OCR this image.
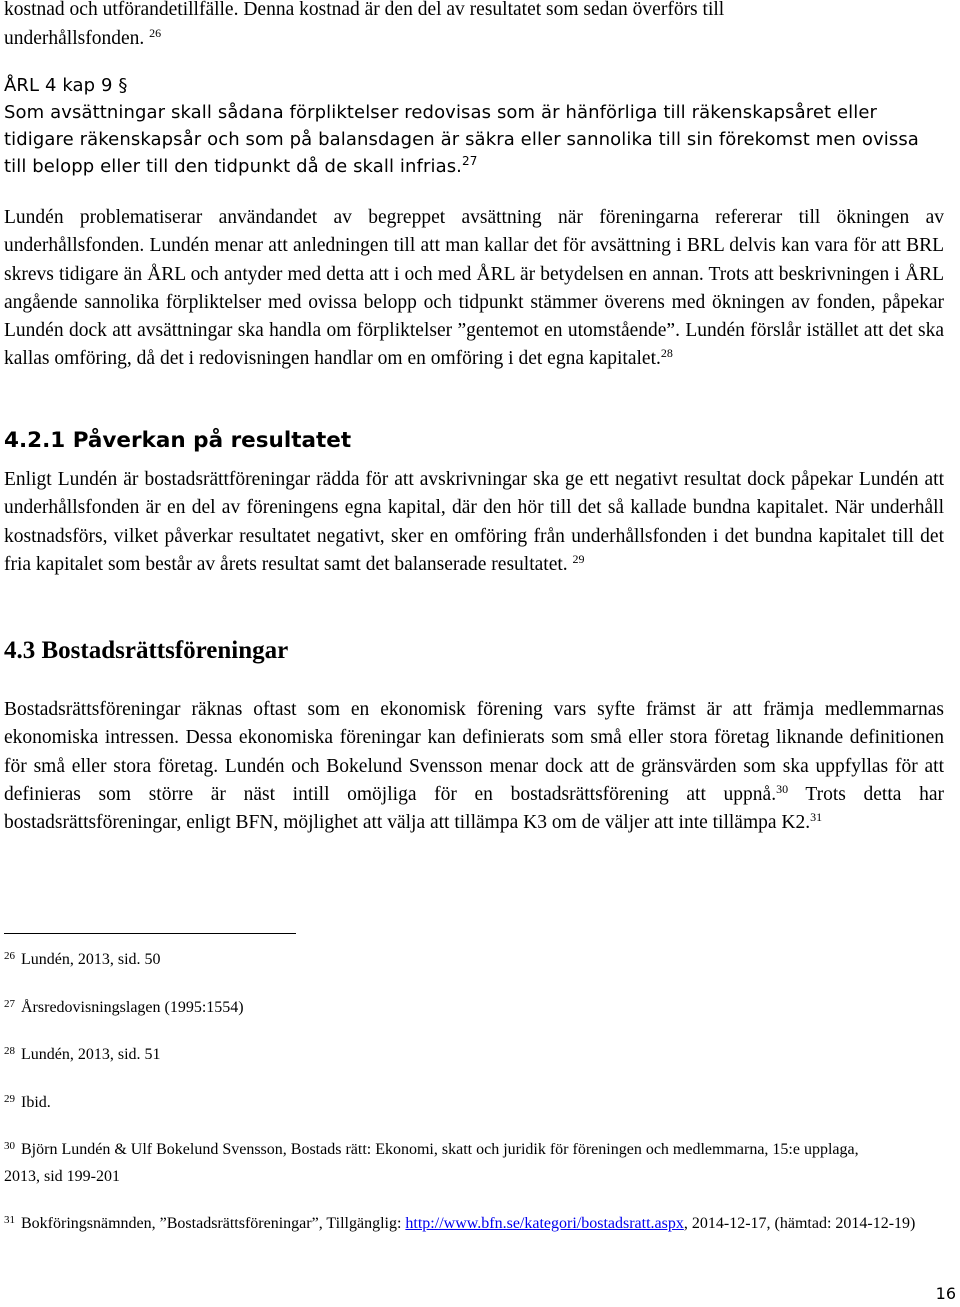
kostnad och utförandetillfälle. Denna kostnad är den del av resultatet som sedan överförs till
underhållsfonden. $^{26}$

ÅRL 4 kap 9 §
Som avsättningar skall sådana förpliktelser redovisas som är hänförliga till räkenskapsåret eller tidigare räkenskapsår och som på balansdagen är säkra eller sannolika till sin förekomst men ovissa till belopp eller till den tidpunkt då de skall infrias.$^{27}$

Lundén problematiserar användandet av begreppet avsättning när föreningarna refererar till ökningen av underhållsfonden. Lundén menar att anledningen till att man kallar det för avsättning i BRL delvis kan vara för att BRL skrevs tidigare än ÅRL och antyder med detta att i och med ÅRL är betydelsen en annan. Trots att beskrivningen i ÅRL angående sannolika förpliktelser med ovissa belopp och tidpunkt stämmer överens med ökningen av fonden, påpekar Lundén dock att avsättningar ska handla om förpliktelser ”gentemot en utomstående”. Lundén förslår istället att det ska kallas omföring, då det i redovisningen handlar om en omföring i det egna kapitalet.$^{28}$

4.2.1 Påverkan på resultatet

Enligt Lundén är bostadsrättföreningar rädda för att avskrivningar ska ge ett negativt resultat dock påpekar Lundén att underhållsfonden är en del av föreningens egna kapital, där den hör till det så kallade bundna kapitalet. När underhåll kostnadsförs, vilket påverkar resultatet negativt, sker en omföring från underhållsfonden i det bundna kapitalet till det fria kapitalet som består av årets resultat samt det balanserade resultatet. $^{29}$

4.3 Bostadsrättsföreningar

Bostadsrättsföreningar räknas oftast som en ekonomisk förening vars syfte främst är att främja medlemmarnas ekonomiska intressen. Dessa ekonomiska föreningar kan definierats som små eller stora företag liknande definitionen för små eller stora företag. Lundén och Bokelund Svensson menar dock att de gränsvärden som ska uppfyllas för att definieras som större är näst intill omöjliga för en bostadsrättsförening att uppnå.$^{30}$ Trots detta har bostadsrättsföreningar, enligt BFN, möjlighet att välja att tillämpa K3 om de väljer att inte tillämpa K2.31

$^{26}$ Lundén, 2013, sid. 50

$^{27}$ Årsredovisningslagen (1995:1554)

$^{28}$ Lundén, 2013, sid. 51

$^{29}$ Ibid.

$^{30}$ Björn Lundén & Ulf Bokelund Svensson, Bostads rätt: Ekonomi, skatt och juridik för föreningen och medlemmarna, 15:e upplaga, 2013, sid 199-201

$^{31}$ Bokföringsnämnden, ”Bostadsrättsföreningar”, Tillgänglig: http://www.bfn.se/kategori/bostadsratt.aspx, 2014-12-17, (hämtad: 2014-12-19)

16
